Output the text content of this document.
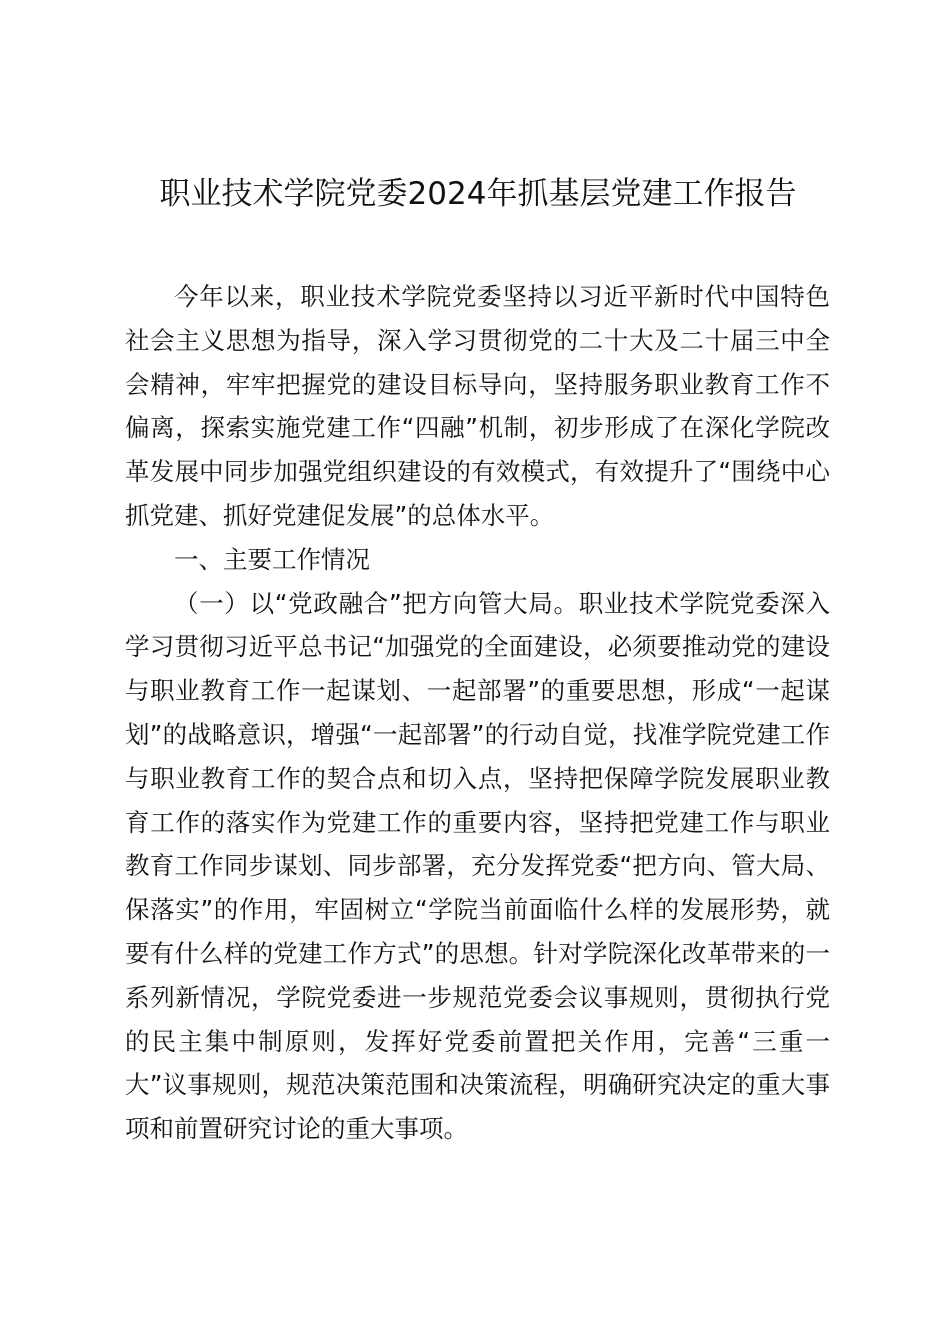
职业技术学院党委2024年抓基层党建工作报告

今年以来，职业技术学院党委坚持以习近平新时代中国特色社会主义思想为指导，深入学习贯彻党的二十大及二十届三中全会精神，牢牢把握党的建设目标导向，坚持服务职业教育工作不偏离，探索实施党建工作“四融”机制，初步形成了在深化学院改革发展中同步加强党组织建设的有效模式，有效提升了“围绕中心抓党建、抓好党建促发展”的总体水平。

一、主要工作情况

（一）以“党政融合”把方向管大局。职业技术学院党委深入学习贯彻习近平总书记“加强党的全面建设，必须要推动党的建设与职业教育工作一起谋划、一起部署”的重要思想，形成“一起谋划”的战略意识，增强“一起部署”的行动自觉，找准学院党建工作与职业教育工作的契合点和切入点，坚持把保障学院发展职业教育工作的落实作为党建工作的重要内容，坚持把党建工作与职业教育工作同步谋划、同步部署，充分发挥党委“把方向、管大局、保落实”的作用，牢固树立“学院当前面临什么样的发展形势，就要有什么样的党建工作方式”的思想。针对学院深化改革带来的一系列新情况，学院党委进一步规范党委会议事规则，贯彻执行党的民主集中制原则，发挥好党委前置把关作用，完善“三重一大”议事规则，规范决策范围和决策流程，明确研究决定的重大事项和前置研究讨论的重大事项。
